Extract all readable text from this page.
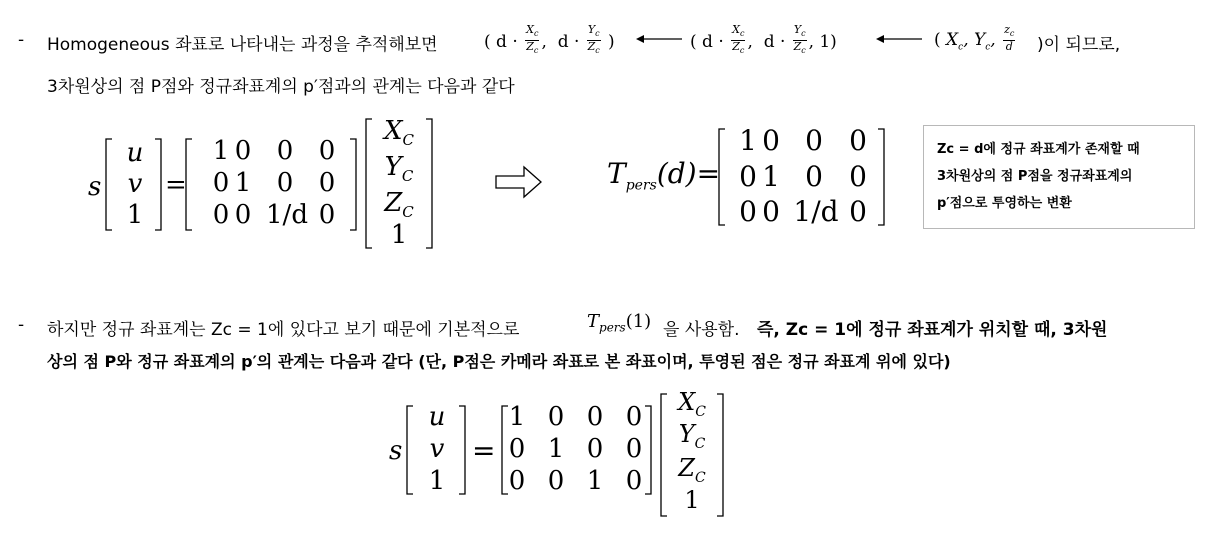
- Homogeneous 좌표로 나타내는 과정을 추적해보면	( $d \cdot \frac{X_c}{Z_c}$ ,  $d \cdot \frac{Y_c}{Z_c}$ )	( $d \cdot \frac{X_c}{Z_c}$ ,  $d \cdot \frac{Y_c}{Z_c}$ , 1)	( $X_c$, $Y_c$, $\frac{z_c}{d}$ )이 되므로,
3차원상의 점 P점와 정규좌표계의 p′점과의 관계는 다음과 같다
s
u
v
1
=
1 0 0 0
0 1 0 0
0 0 1/d 0
$X_C$
$Y_C$
$Z_C$
1
$T_{pers}(d)=$
1 0 0 0
0 1 0 0
0 0 1/d 0
Zc = d에 정규 좌표계가 존재할 때
3차원상의 점 P점을 정규좌표계의
p′점으로 투영하는 변환
- 하지만 정규 좌표계는 Zc = 1에 있다고 보기 때문에 기본적으로	$T_{pers}(1)$ 을 사용함. 즉, Zc = 1에 정규 좌표계가 위치할 때, 3차원
상의 점 P와 정규 좌표계의 p′의 관계는 다음과 같다 (단, P점은 카메라 좌표로 본 좌표이며, 투영된 점은 정규 좌표계 위에 있다)
s
u
v
1
=
1 0 0 0
0 1 0 0
0 0 1 0
$X_C$
$Y_C$
$Z_C$
1
